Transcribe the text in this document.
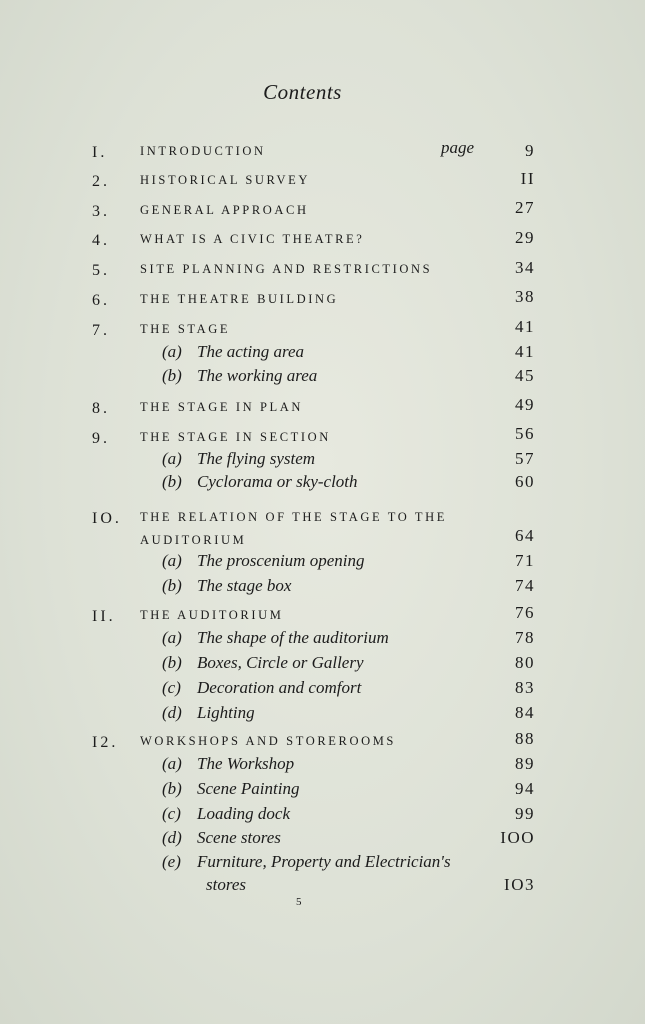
Contents
I.	INTRODUCTION	page	9
2.	HISTORICAL SURVEY	II
3.	GENERAL APPROACH	27
4.	WHAT IS A CIVIC THEATRE?	29
5.	SITE PLANNING AND RESTRICTIONS	34
6.	THE THEATRE BUILDING	38
7.	THE STAGE	41
(a) The acting area	41
(b) The working area	45
8.	THE STAGE IN PLAN	49
9.	THE STAGE IN SECTION	56
(a) The flying system	57
(b) Cyclorama or sky-cloth	60
IO.	THE RELATION OF THE STAGE TO THE
AUDITORIUM	64
(a) The proscenium opening	71
(b) The stage box	74
II.	THE AUDITORIUM	76
(a) The shape of the auditorium	78
(b) Boxes, Circle or Gallery	80
(c) Decoration and comfort	83
(d) Lighting	84
I2.	WORKSHOPS AND STOREROOMS	88
(a) The Workshop	89
(b) Scene Painting	94
(c) Loading dock	99
(d) Scene stores	IOO
(e) Furniture, Property and Electrician's
stores	IO3
5
